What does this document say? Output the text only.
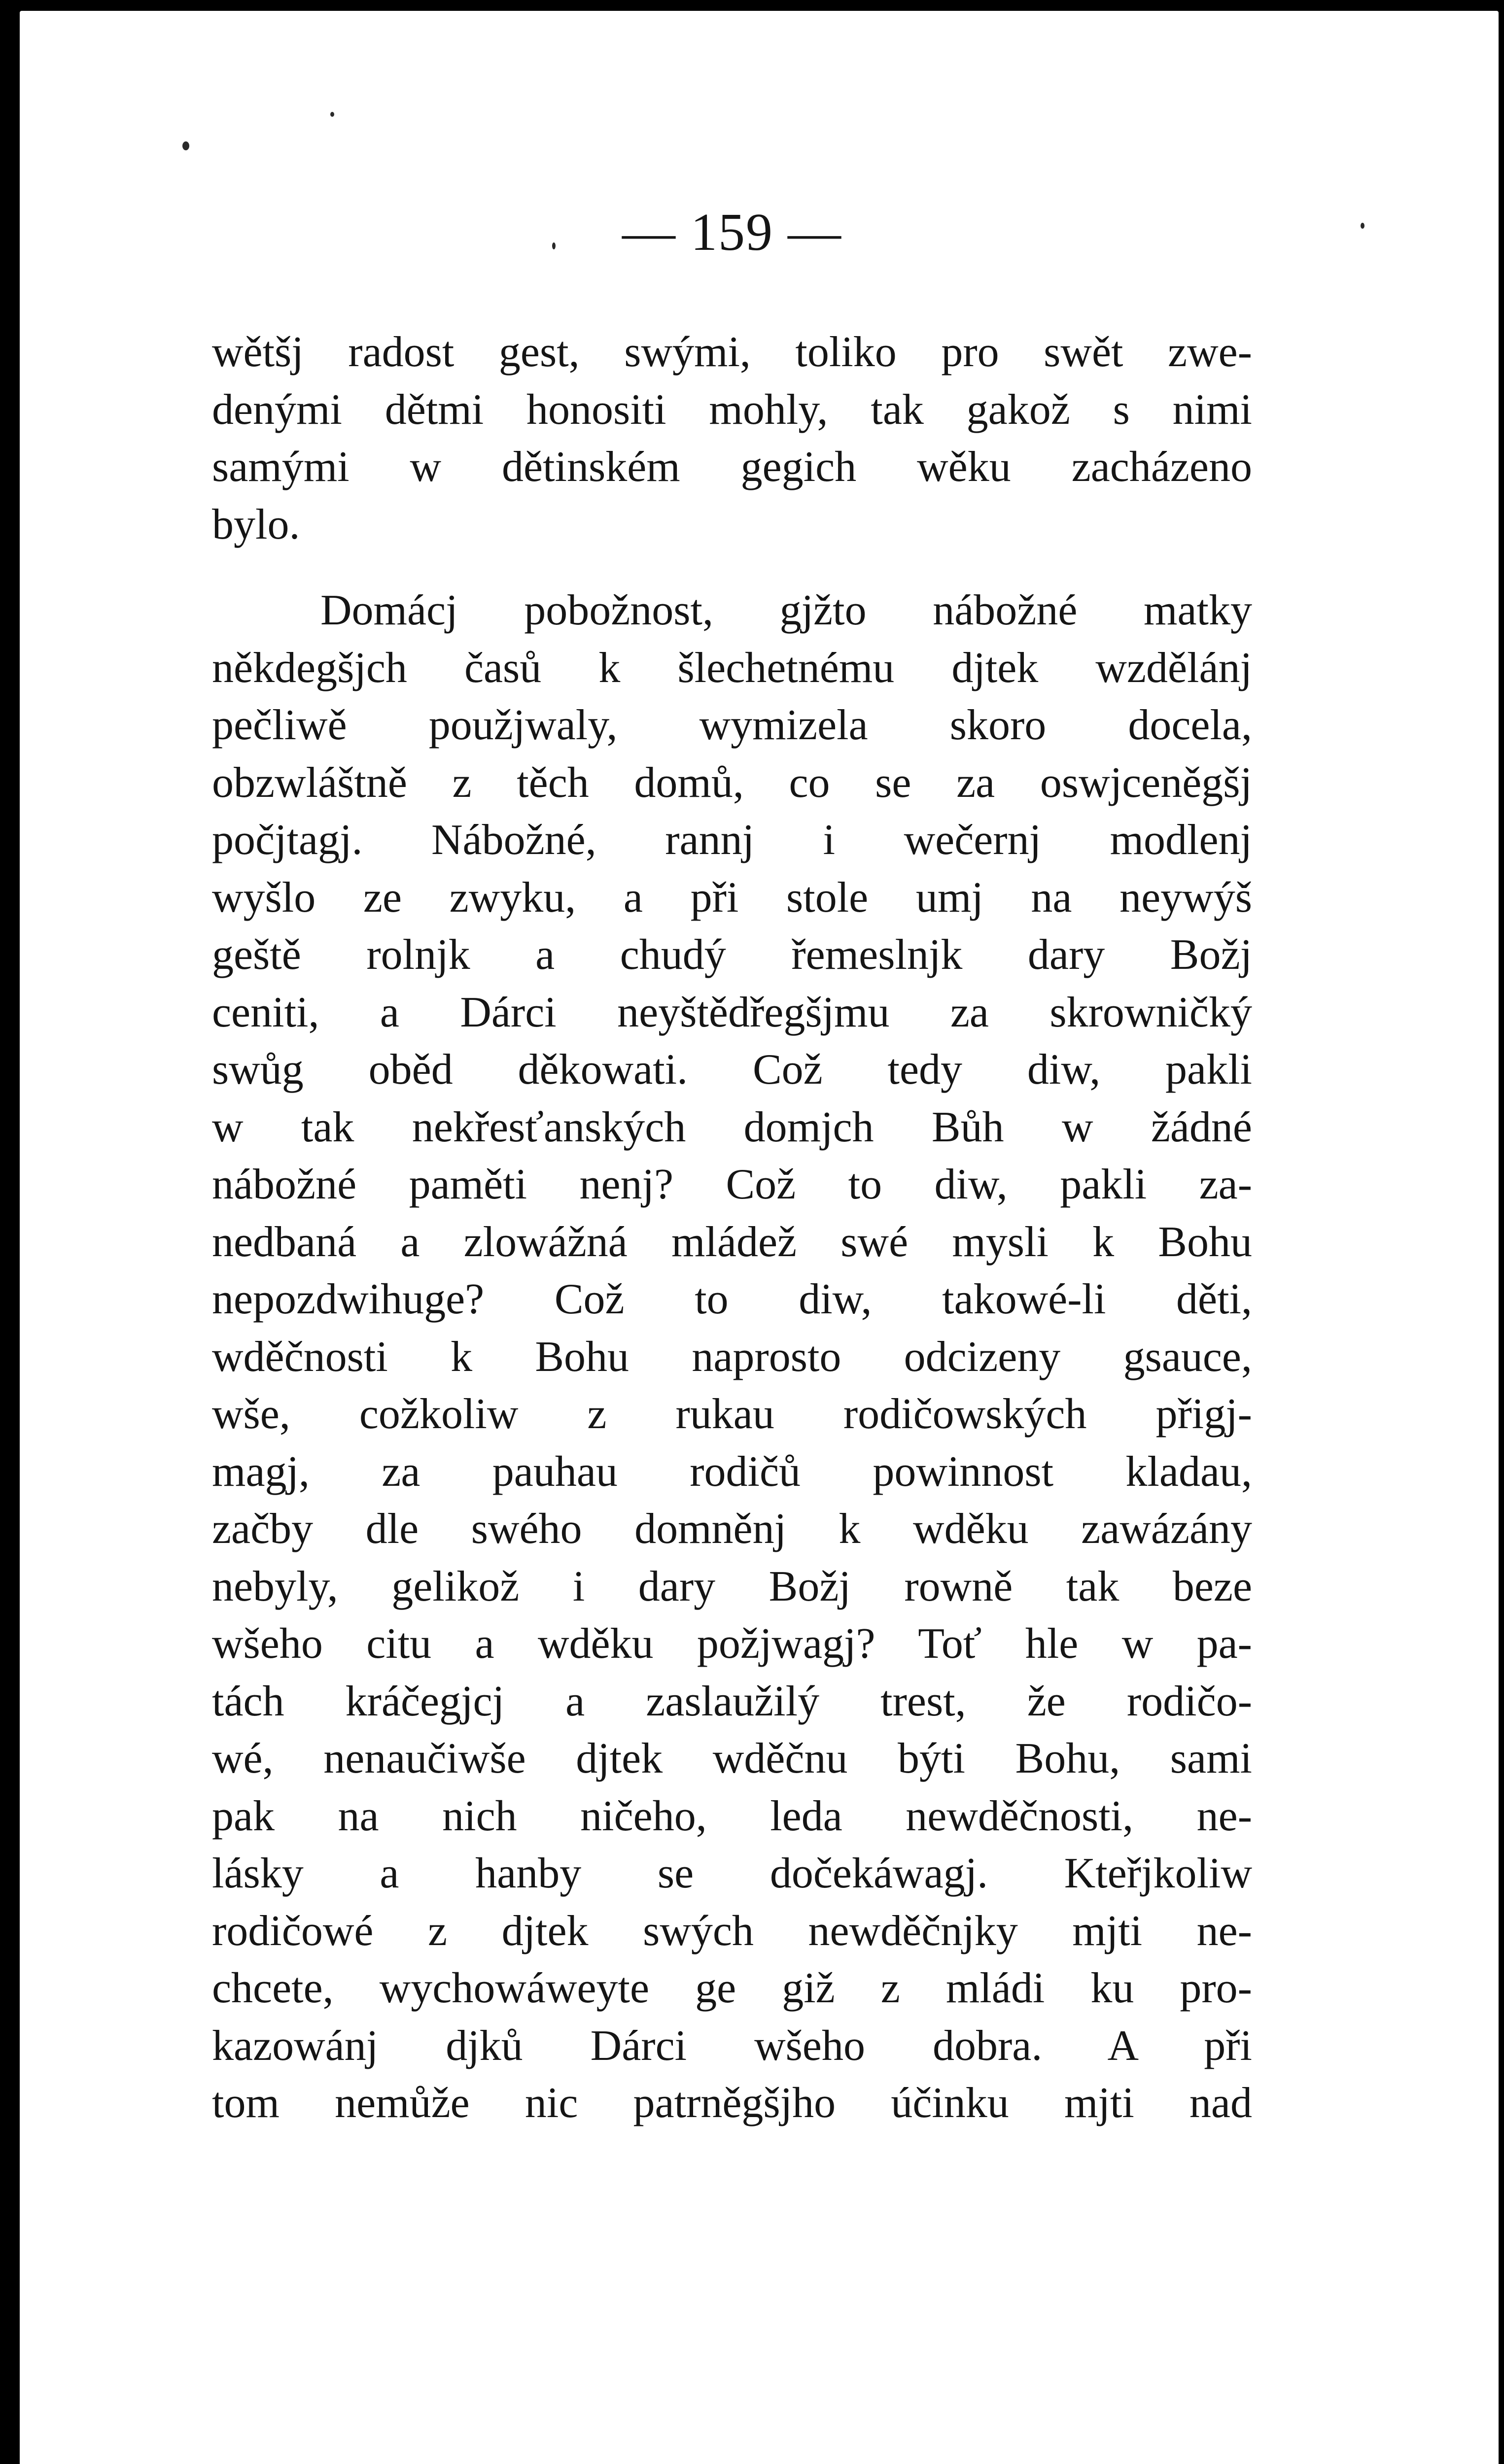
— 159 —
wětšj radost gest, swými, toliko pro swět zwe-
denými dětmi honositi mohly, tak gakož s nimi
samými w dětinském gegich wěku zacházeno
bylo.
Domácj pobožnost, gjžto nábožné matky
někdegšjch časů k šlechetnému djtek wzdělánj
pečliwě použjwaly, wymizela skoro docela,
obzwláštně z těch domů, co se za oswjceněgšj
počjtagj. Nábožné, rannj i wečernj modlenj
wyšlo ze zwyku, a při stole umj na neywýš
geště rolnjk a chudý řemeslnjk dary Božj
ceniti, a Dárci neyštědřegšjmu za skrowničký
swůg oběd děkowati. Což tedy diw, pakli
w tak nekřesťanských domjch Bůh w žádné
nábožné paměti nenj? Což to diw, pakli za-
nedbaná a zlowážná mládež swé mysli k Bohu
nepozdwihuge? Což to diw, takowé-li děti,
wděčnosti k Bohu naprosto odcizeny gsauce,
wše, cožkoliw z rukau rodičowských přigj-
magj, za pauhau rodičů powinnost kladau,
začby dle swého domněnj k wděku zawázány
nebyly, gelikož i dary Božj rowně tak beze
wšeho citu a wděku požjwagj? Toť hle w pa-
tách kráčegjcj a zaslaužilý trest, že rodičo-
wé, nenaučiwše djtek wděčnu býti Bohu, sami
pak na nich ničeho, leda newděčnosti, ne-
lásky a hanby se dočekáwagj. Kteřjkoliw
rodičowé z djtek swých newděčnjky mjti ne-
chcete, wychowáweyte ge giž z mládi ku pro-
kazowánj djků Dárci wšeho dobra. A při
tom nemůže nic patrněgšjho účinku mjti nad
